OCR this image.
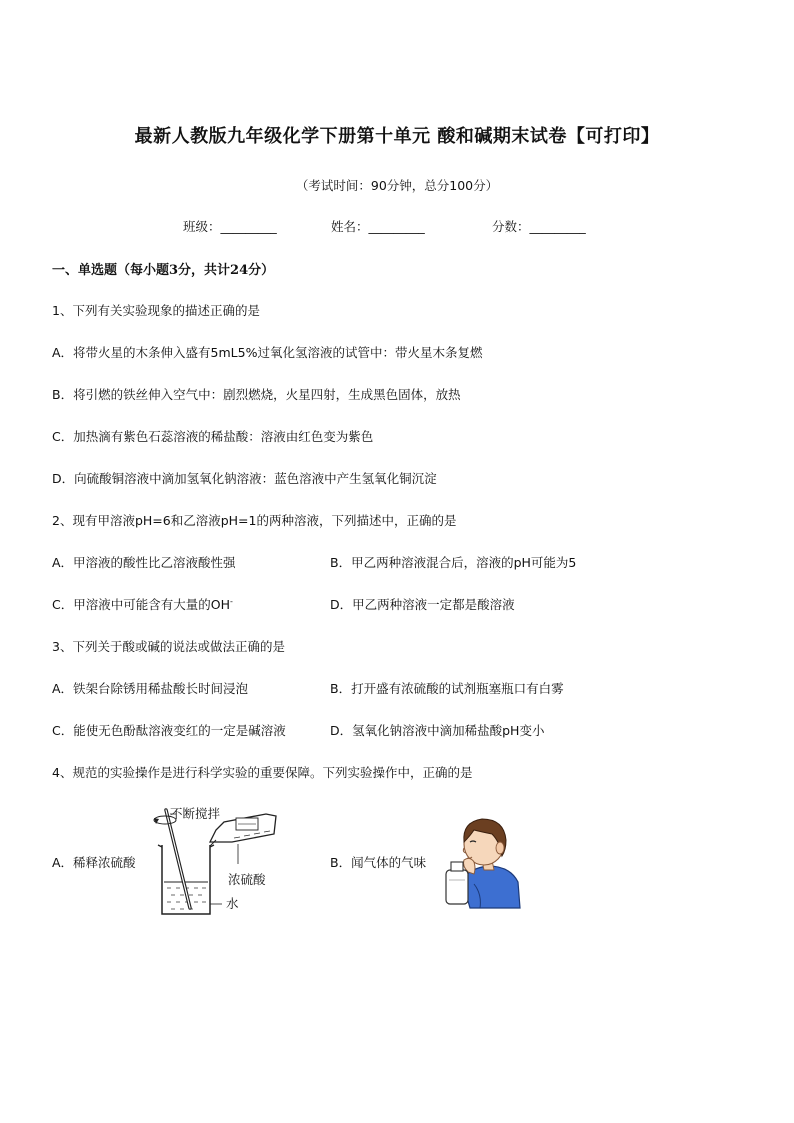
最新人教版九年级化学下册第十单元 酸和碱期末试卷【可打印】
（考试时间：90分钟，总分100分）
班级：_________	姓名：_________	分数：_________
一、单选题（每小题3分，共计24分）
1、下列有关实验现象的描述正确的是
A．将带火星的木条伸入盛有5mL5%过氧化氢溶液的试管中：带火星木条复燃
B．将引燃的铁丝伸入空气中：剧烈燃烧，火星四射，生成黑色固体，放热
C．加热滴有紫色石蕊溶液的稀盐酸：溶液由红色变为紫色
D．向硫酸铜溶液中滴加氢氧化钠溶液：蓝色溶液中产生氢氧化铜沉淀
2、现有甲溶液pH=6和乙溶液pH=1的两种溶液，下列描述中，正确的是
A．甲溶液的酸性比乙溶液酸性强	B．甲乙两种溶液混合后，溶液的pH可能为5
C．甲溶液中可能含有大量的OH-	D．甲乙两种溶液一定都是酸溶液
3、下列关于酸或碱的说法或做法正确的是
A．铁架台除锈用稀盐酸长时间浸泡	B．打开盛有浓硫酸的试剂瓶塞瓶口有白雾
C．能使无色酚酞溶液变红的一定是碱溶液	D．氢氧化钠溶液中滴加稀盐酸pH变小
4、规范的实验操作是进行科学实验的重要保障。下列实验操作中，正确的是
A．稀释浓硫酸	B．闻气体的气味
不断搅拌
浓硫酸
水
